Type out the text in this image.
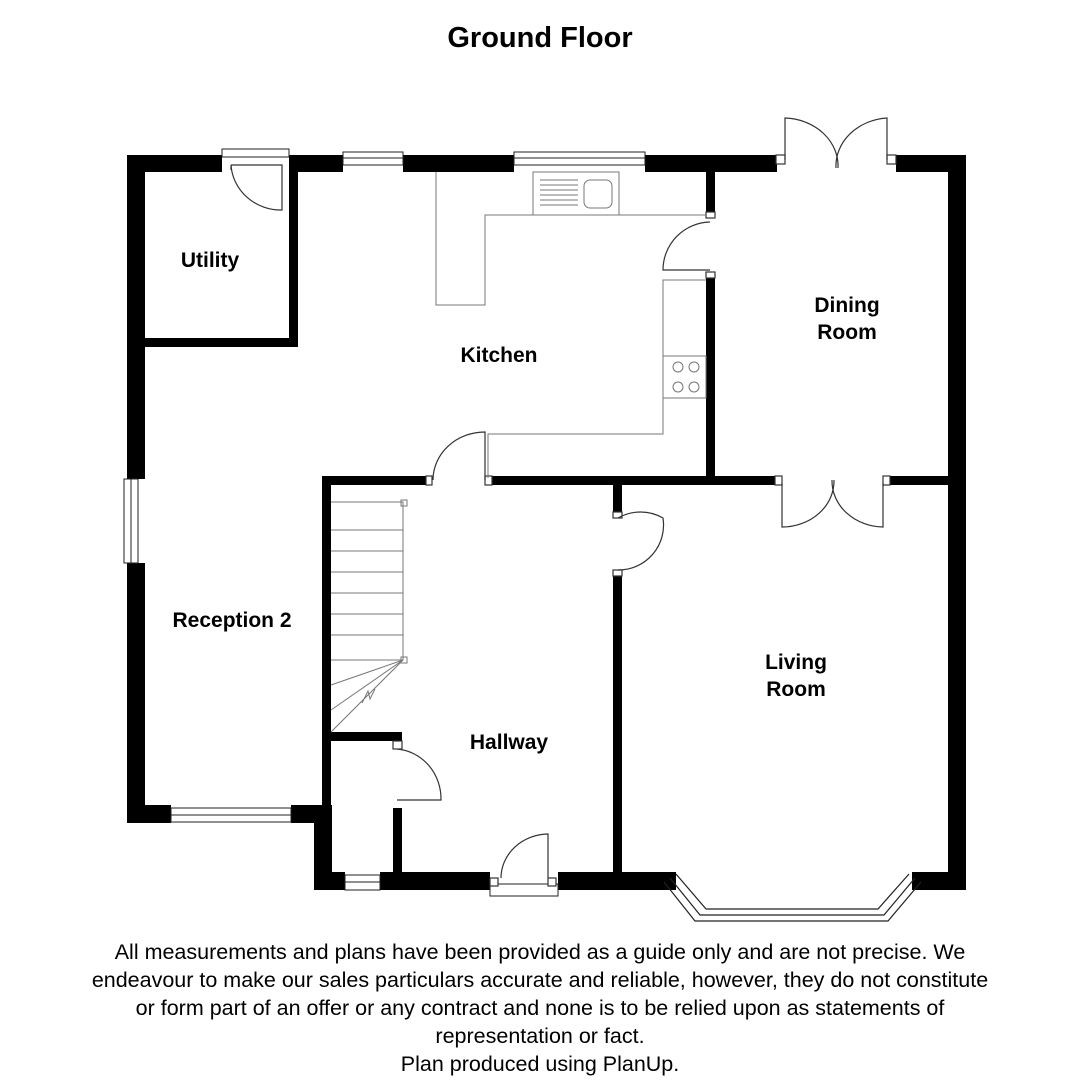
Ground Floor
Utility
Kitchen
Dining
Room
Reception 2
Living
Room
Hallway
All measurements and plans have been provided as a guide only and are not precise. We
endeavour to make our sales particulars accurate and reliable, however, they do not constitute
or form part of an offer or any contract and none is to be relied upon as statements of
representation or fact.
Plan produced using PlanUp.
